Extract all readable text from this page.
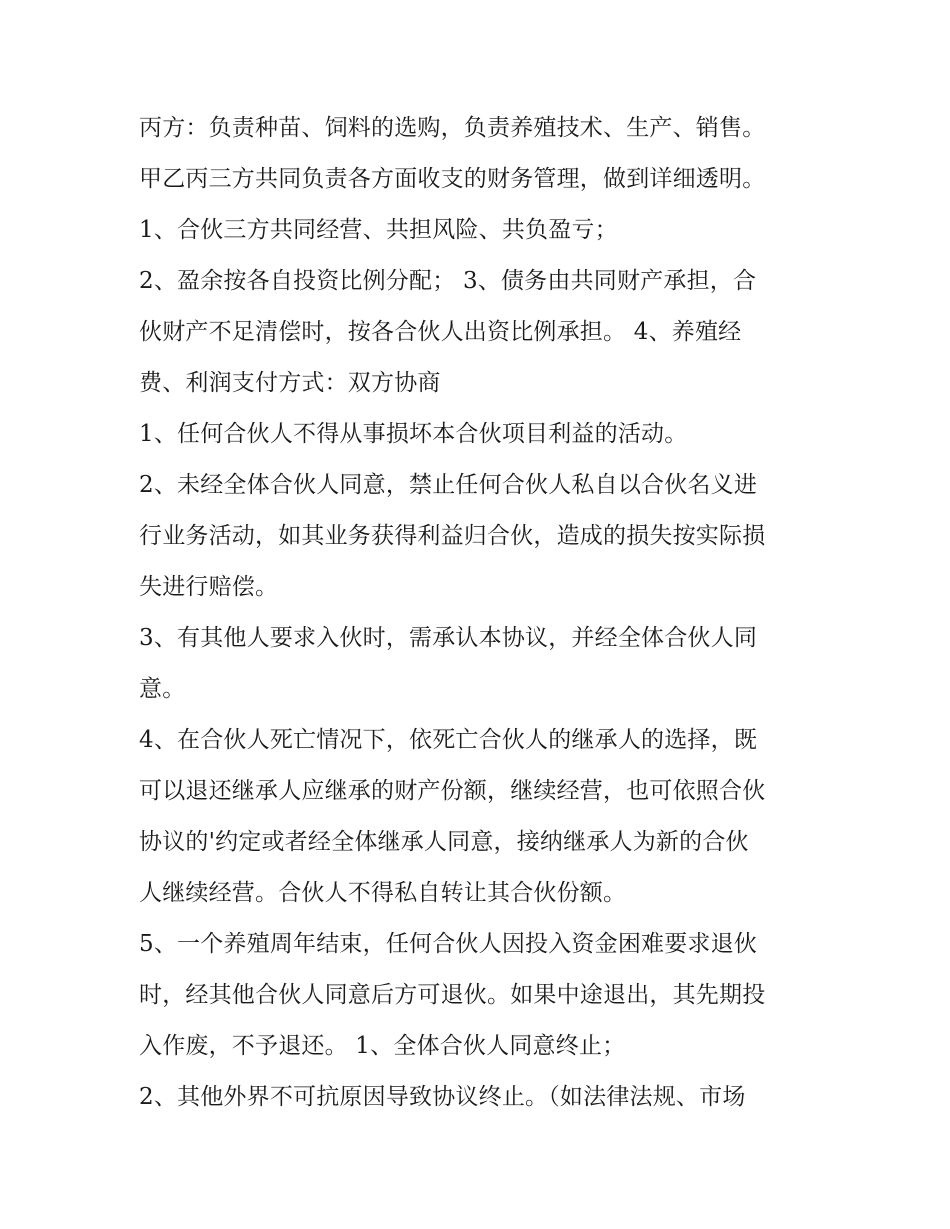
丙方：负责种苗、饲料的选购，负责养殖技术、生产、销售。
甲乙丙三方共同负责各方面收支的财务管理，做到详细透明。
1、合伙三方共同经营、共担风险、共负盈亏；
2、盈余按各自投资比例分配； 3、债务由共同财产承担，合
伙财产不足清偿时，按各合伙人出资比例承担。 4、养殖经
费、利润支付方式：双方协商
1、任何合伙人不得从事损坏本合伙项目利益的活动。
2、未经全体合伙人同意，禁止任何合伙人私自以合伙名义进
行业务活动，如其业务获得利益归合伙，造成的损失按实际损
失进行赔偿。
3、有其他人要求入伙时，需承认本协议，并经全体合伙人同
意。
4、在合伙人死亡情况下，依死亡合伙人的继承人的选择，既
可以退还继承人应继承的财产份额，继续经营，也可依照合伙
协议的'约定或者经全体继承人同意，接纳继承人为新的合伙
人继续经营。合伙人不得私自转让其合伙份额。
5、一个养殖周年结束，任何合伙人因投入资金困难要求退伙
时，经其他合伙人同意后方可退伙。如果中途退出，其先期投
入作废，不予退还。 1、全体合伙人同意终止；
2、其他外界不可抗原因导致协议终止。（如法律法规、市场
